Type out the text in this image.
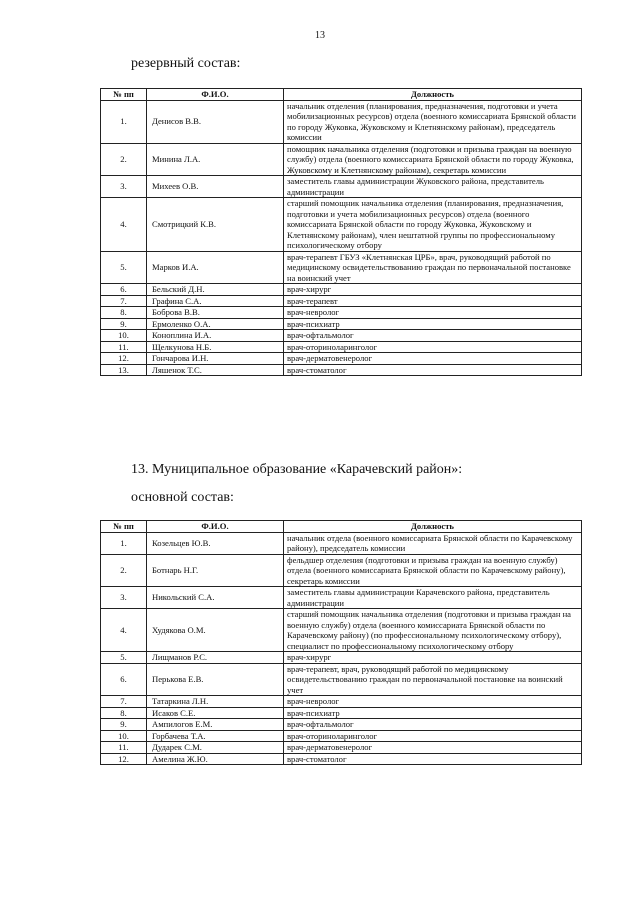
13
резервный состав:
№ пп	Ф.И.О.	Должность
1.	Денисов В.В.	начальник отделения (планирования, предназначения, подготовки и учета мобилизационных ресурсов) отдела (военного комиссариата Брянской области по городу Жуковка, Жуковскому и Клетнянскому районам), председатель комиссии
2.	Минина Л.А.	помощник начальника отделения (подготовки и призыва граждан на военную службу) отдела (военного комиссариата Брянской области по городу Жуковка, Жуковскому и Клетнянскому районам), секретарь комиссии
3.	Михеев О.В.	заместитель главы администрации Жуковского района, представитель администрации
4.	Смотрицкий К.В.	старший помощник начальника отделения (планирования, предназначения, подготовки и учета мобилизационных ресурсов) отдела (военного комиссариата Брянской области по городу Жуковка, Жуковскому и Клетнянскому районам), член нештатной группы по профессиональному психологическому отбору
5.	Марков И.А.	врач-терапевт ГБУЗ «Клетнянская ЦРБ», врач, руководящий работой по медицинскому освидетельствованию граждан по первоначальной постановке на воинский учет
6.	Бельский Д.Н.	врач-хирург
7.	Графина С.А.	врач-терапевт
8.	Боброва В.В.	врач-невролог
9.	Ермоленко О.А.	врач-психиатр
10.	Коноплина И.А.	врач-офтальмолог
11.	Щелкунова Н.Б.	врач-оториноларинголог
12.	Гончарова И.Н.	врач-дерматовенеролог
13.	Ляшенок Т.С.	врач-стоматолог
13. Муниципальное образование «Карачевский район»:
основной состав:
№ пп	Ф.И.О.	Должность
1.	Козельцев Ю.В.	начальник отдела (военного комиссариата Брянской области по Карачевскому району), председатель комиссии
2.	Ботнарь Н.Г.	фельдшер отделения (подготовки и призыва граждан на военную службу) отдела (военного комиссариата Брянской области по Карачевскому району), секретарь комиссии
3.	Никольский С.А.	заместитель главы администрации Карачевского района, представитель администрации
4.	Худякова О.М.	старший помощник начальника отделения (подготовки и призыва граждан на военную службу) отдела (военного комиссариата Брянской области по Карачевскому району) (по профессиональному психологическому отбору), специалист по профессиональному психологическому отбору
5.	Лищманов Р.С.	врач-хирург
6.	Перькова Е.В.	врач-терапевт, врач, руководящий работой по медицинскому освидетельствованию граждан по первоначальной постановке на воинский учет
7.	Татаркина Л.Н.	врач-невролог
8.	Исаков С.Е.	врач-психиатр
9.	Ампилогов Е.М.	врач-офтальмолог
10.	Горбачева Т.А.	врач-оториноларинголог
11.	Дударек С.М.	врач-дерматовенеролог
12.	Амелина Ж.Ю.	врач-стоматолог
